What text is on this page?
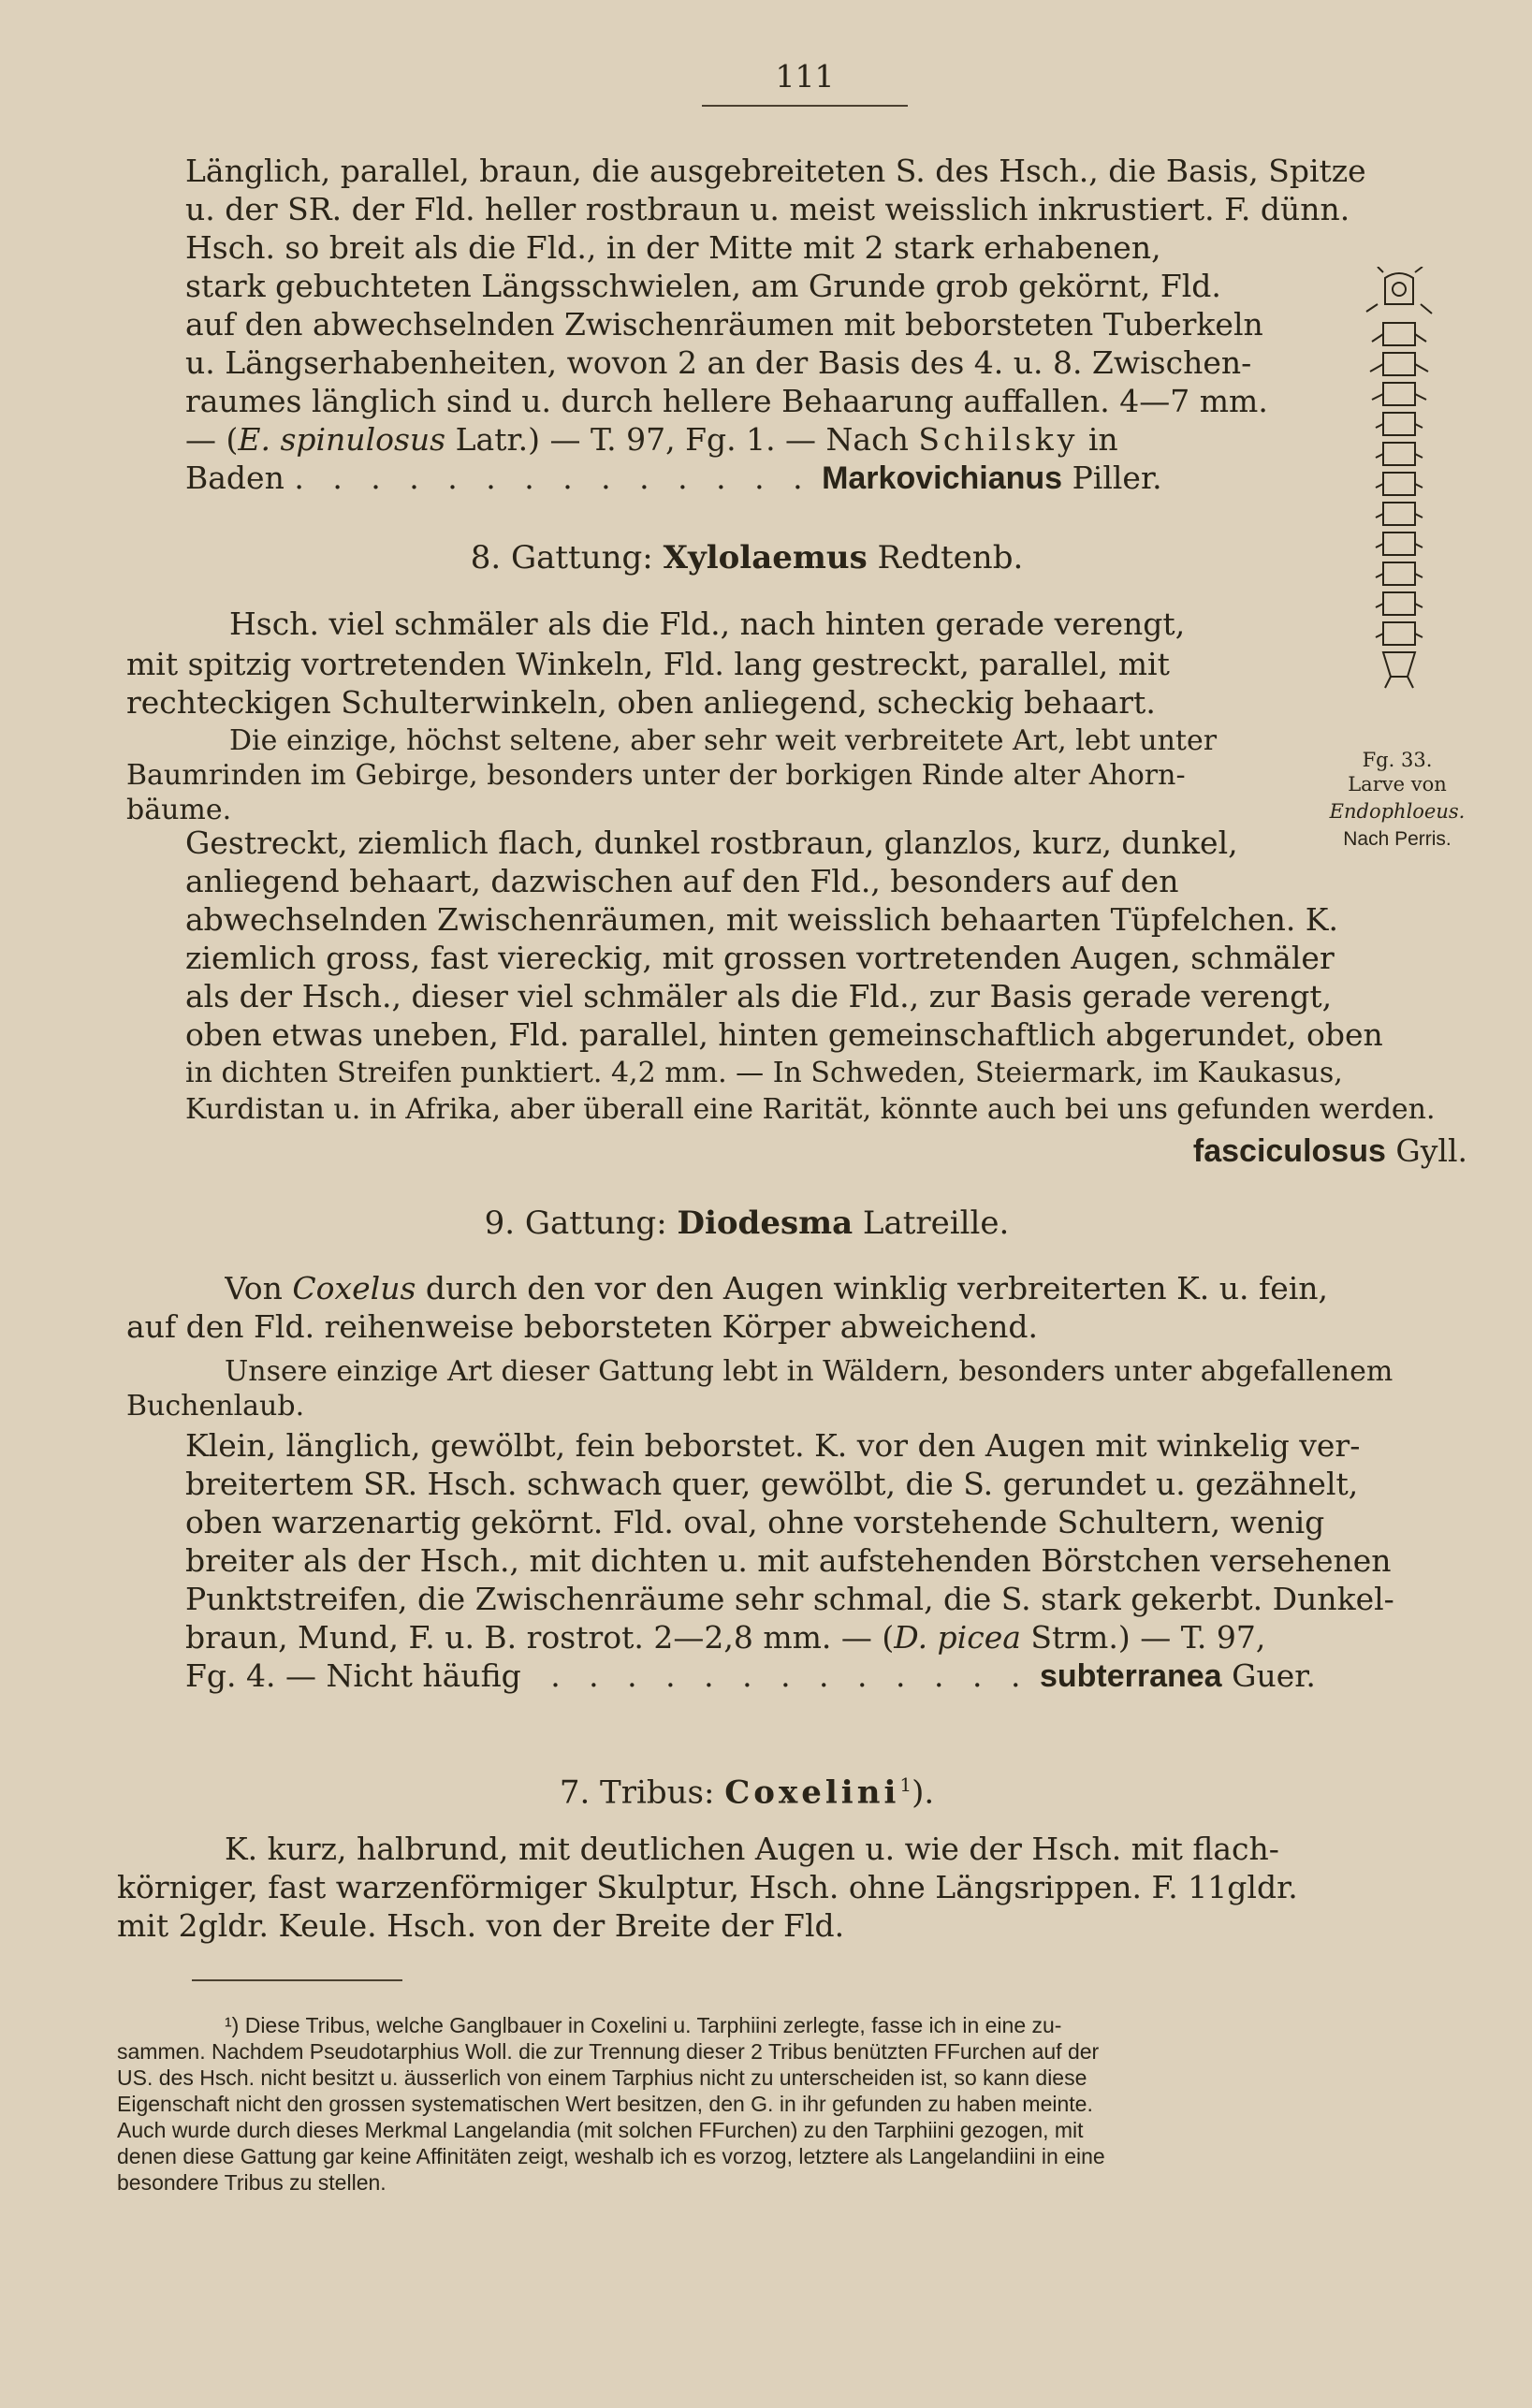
111
Länglich, parallel, braun, die ausgebreiteten S. des Hsch., die Basis, Spitze
u. der SR. der Fld. heller rostbraun u. meist weisslich inkrustiert. F. dünn.
Hsch. so breit als die Fld., in der Mitte mit 2 stark erhabenen,
stark gebuchteten Längsschwielen, am Grunde grob gekörnt, Fld.
auf den abwechselnden Zwischenräumen mit beborsteten Tuberkeln
u. Längserhabenheiten, wovon 2 an der Basis des 4. u. 8. Zwischen-
raumes länglich sind u. durch hellere Behaarung auffallen. 4—7 mm.
— (E. spinulosus Latr.) — T. 97, Fg. 1. — Nach Schilsky in
Baden . . . . . . . . . . . . . . Markovichianus Piller.
8. Gattung: Xylolaemus Redtenb.
Hsch. viel schmäler als die Fld., nach hinten gerade verengt,
mit spitzig vortretenden Winkeln, Fld. lang gestreckt, parallel, mit
rechteckigen Schulterwinkeln, oben anliegend, scheckig behaart.
Die einzige, höchst seltene, aber sehr weit verbreitete Art, lebt unter
Baumrinden im Gebirge, besonders unter der borkigen Rinde alter Ahorn-
bäume.
Gestreckt, ziemlich flach, dunkel rostbraun, glanzlos, kurz, dunkel,
anliegend behaart, dazwischen auf den Fld., besonders auf den
abwechselnden Zwischenräumen, mit weisslich behaarten Tüpfelchen. K.
ziemlich gross, fast viereckig, mit grossen vortretenden Augen, schmäler
als der Hsch., dieser viel schmäler als die Fld., zur Basis gerade verengt,
oben etwas uneben, Fld. parallel, hinten gemeinschaftlich abgerundet, oben
in dichten Streifen punktiert. 4,2 mm. — In Schweden, Steiermark, im Kaukasus,
Kurdistan u. in Afrika, aber überall eine Rarität, könnte auch bei uns gefunden werden.
fasciculosus Gyll.
Fg. 33.
Larve von
Endophloeus.
Nach Perris.
9. Gattung: Diodesma Latreille.
Von Coxelus durch den vor den Augen winklig verbreiterten K. u. fein,
auf den Fld. reihenweise beborsteten Körper abweichend.
Unsere einzige Art dieser Gattung lebt in Wäldern, besonders unter abgefallenem
Buchenlaub.
Klein, länglich, gewölbt, fein beborstet. K. vor den Augen mit winkelig ver-
breitertem SR. Hsch. schwach quer, gewölbt, die S. gerundet u. gezähnelt,
oben warzenartig gekörnt. Fld. oval, ohne vorstehende Schultern, wenig
breiter als der Hsch., mit dichten u. mit aufstehenden Börstchen versehenen
Punktstreifen, die Zwischenräume sehr schmal, die S. stark gekerbt. Dunkel-
braun, Mund, F. u. B. rostrot. 2—2,8 mm. — (D. picea Strm.) — T. 97,
Fg. 4. — Nicht häufig . . . . . . . . . . . . . subterranea Guer.
7. Tribus: Coxelini$^1$).
K. kurz, halbrund, mit deutlichen Augen u. wie der Hsch. mit flach-
körniger, fast warzenförmiger Skulptur, Hsch. ohne Längsrippen. F. 11gldr.
mit 2gldr. Keule. Hsch. von der Breite der Fld.
¹) Diese Tribus, welche Ganglbauer in Coxelini u. Tarphiini zerlegte, fasse ich in eine zu-
sammen. Nachdem Pseudotarphius Woll. die zur Trennung dieser 2 Tribus benützten FFurchen auf der
US. des Hsch. nicht besitzt u. äusserlich von einem Tarphius nicht zu unterscheiden ist, so kann diese
Eigenschaft nicht den grossen systematischen Wert besitzen, den G. in ihr gefunden zu haben meinte.
Auch wurde durch dieses Merkmal Langelandia (mit solchen FFurchen) zu den Tarphiini gezogen, mit
denen diese Gattung gar keine Affinitäten zeigt, weshalb ich es vorzog, letztere als Langelandiini in eine
besondere Tribus zu stellen.
